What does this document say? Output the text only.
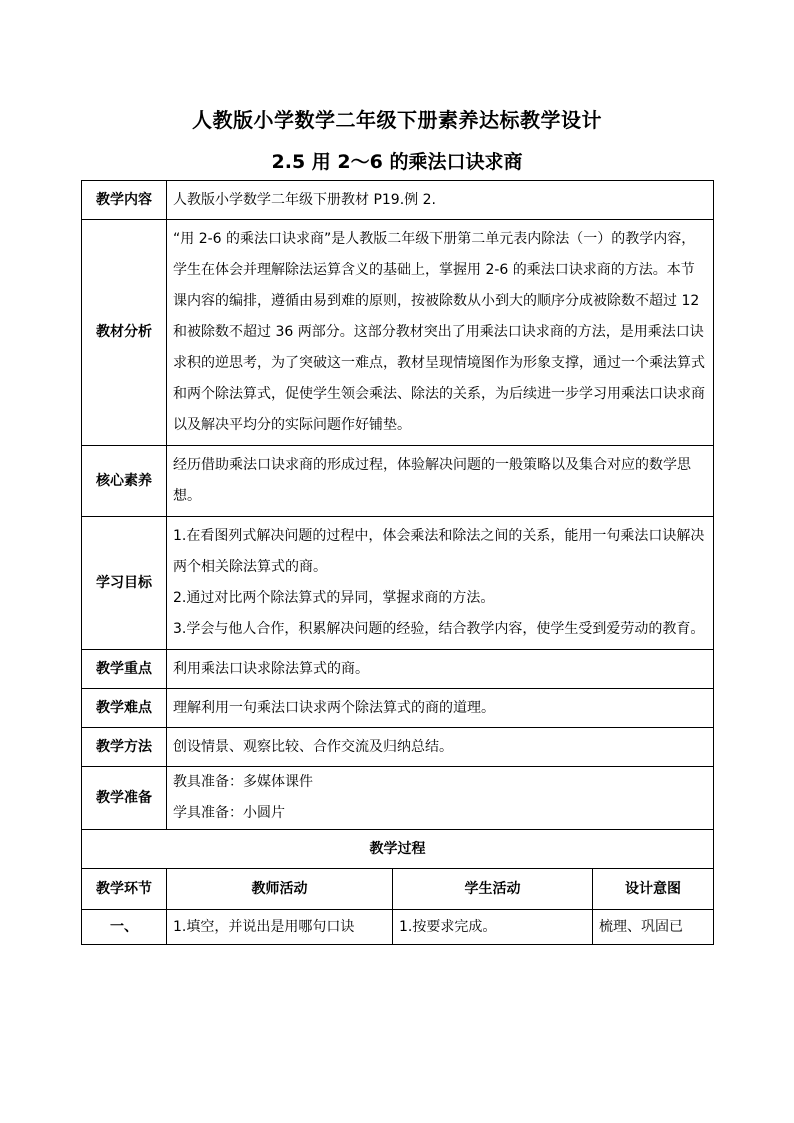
人教版小学数学二年级下册素养达标教学设计
2.5 用 2～6 的乘法口诀求商
教学内容	人教版小学数学二年级下册教材 P19.例 2.		
教材分析	“用 2-6 的乘法口诀求商”是人教版二年级下册第二单元表内除法（一）的教学内容，学生在体会并理解除法运算含义的基础上，掌握用 2-6 的乘法口诀求商的方法。本节课内容的编排，遵循由易到难的原则，按被除数从小到大的顺序分成被除数不超过 12 和被除数不超过 36 两部分。这部分教材突出了用乘法口诀求商的方法，是用乘法口诀求积的逆思考，为了突破这一难点，教材呈现情境图作为形象支撑，通过一个乘法算式和两个除法算式，促使学生领会乘法、除法的关系，为后续进一步学习用乘法口诀求商以及解决平均分的实际问题作好铺垫。		
核心素养	经历借助乘法口诀求商的形成过程，体验解决问题的一般策略以及集合对应的数学思想。		
学习目标	1.在看图列式解决问题的过程中，体会乘法和除法之间的关系，能用一句乘法口诀解决两个相关除法算式的商。
2.通过对比两个除法算式的异同，掌握求商的方法。
3.学会与他人合作，积累解决问题的经验，结合教学内容，使学生受到爱劳动的教育。		

教学重点	利用乘法口诀求除法算式的商。		
教学难点	理解利用一句乘法口诀求两个除法算式的商的道理。		
教学方法	创设情景、观察比较、合作交流及归纳总结。		
教学准备	教具准备：多媒体课件
学具准备：小圆片		

教学过程			
教学环节	教师活动	学生活动	设计意图
一、	1.填空，并说出是用哪句口诀	1.按要求完成。	梳理、巩固已
